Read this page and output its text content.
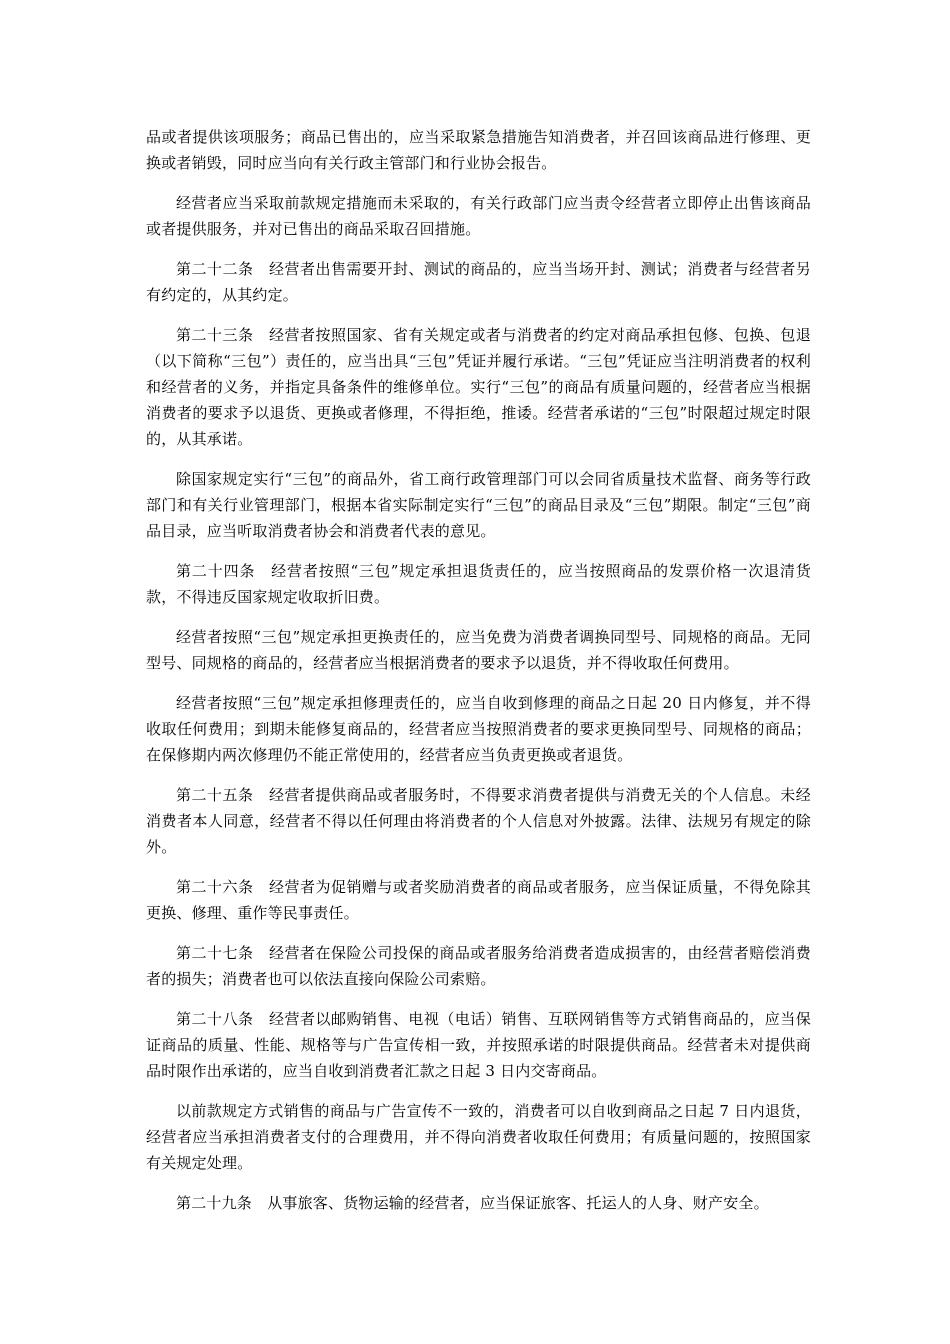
品或者提供该项服务；商品已售出的，应当采取紧急措施告知消费者，并召回该商品进行修理、更换或者销毁，同时应当向有关行政主管部门和行业协会报告。

经营者应当采取前款规定措施而未采取的，有关行政部门应当责令经营者立即停止出售该商品或者提供服务，并对已售出的商品采取召回措施。

第二十二条　经营者出售需要开封、测试的商品的，应当当场开封、测试；消费者与经营者另有约定的，从其约定。

第二十三条　经营者按照国家、省有关规定或者与消费者的约定对商品承担包修、包换、包退（以下简称“三包”）责任的，应当出具“三包”凭证并履行承诺。“三包”凭证应当注明消费者的权利和经营者的义务，并指定具备条件的维修单位。实行“三包”的商品有质量问题的，经营者应当根据消费者的要求予以退货、更换或者修理，不得拒绝，推诿。经营者承诺的“三包”时限超过规定时限的，从其承诺。

除国家规定实行“三包”的商品外，省工商行政管理部门可以会同省质量技术监督、商务等行政部门和有关行业管理部门，根据本省实际制定实行“三包”的商品目录及“三包”期限。制定“三包”商品目录，应当听取消费者协会和消费者代表的意见。

第二十四条　经营者按照“三包”规定承担退货责任的，应当按照商品的发票价格一次退清货款，不得违反国家规定收取折旧费。

经营者按照“三包”规定承担更换责任的，应当免费为消费者调换同型号、同规格的商品。无同型号、同规格的商品的，经营者应当根据消费者的要求予以退货，并不得收取任何费用。

经营者按照“三包”规定承担修理责任的，应当自收到修理的商品之日起 20 日内修复，并不得收取任何费用；到期未能修复商品的，经营者应当按照消费者的要求更换同型号、同规格的商品；在保修期内两次修理仍不能正常使用的，经营者应当负责更换或者退货。

第二十五条　经营者提供商品或者服务时，不得要求消费者提供与消费无关的个人信息。未经消费者本人同意，经营者不得以任何理由将消费者的个人信息对外披露。法律、法规另有规定的除外。

第二十六条　经营者为促销赠与或者奖励消费者的商品或者服务，应当保证质量，不得免除其更换、修理、重作等民事责任。

第二十七条　经营者在保险公司投保的商品或者服务给消费者造成损害的，由经营者赔偿消费者的损失；消费者也可以依法直接向保险公司索赔。

第二十八条　经营者以邮购销售、电视（电话）销售、互联网销售等方式销售商品的，应当保证商品的质量、性能、规格等与广告宣传相一致，并按照承诺的时限提供商品。经营者未对提供商品时限作出承诺的，应当自收到消费者汇款之日起 3 日内交寄商品。

以前款规定方式销售的商品与广告宣传不一致的，消费者可以自收到商品之日起 7 日内退货，经营者应当承担消费者支付的合理费用，并不得向消费者收取任何费用；有质量问题的，按照国家有关规定处理。

第二十九条　从事旅客、货物运输的经营者，应当保证旅客、托运人的人身、财产安全。
